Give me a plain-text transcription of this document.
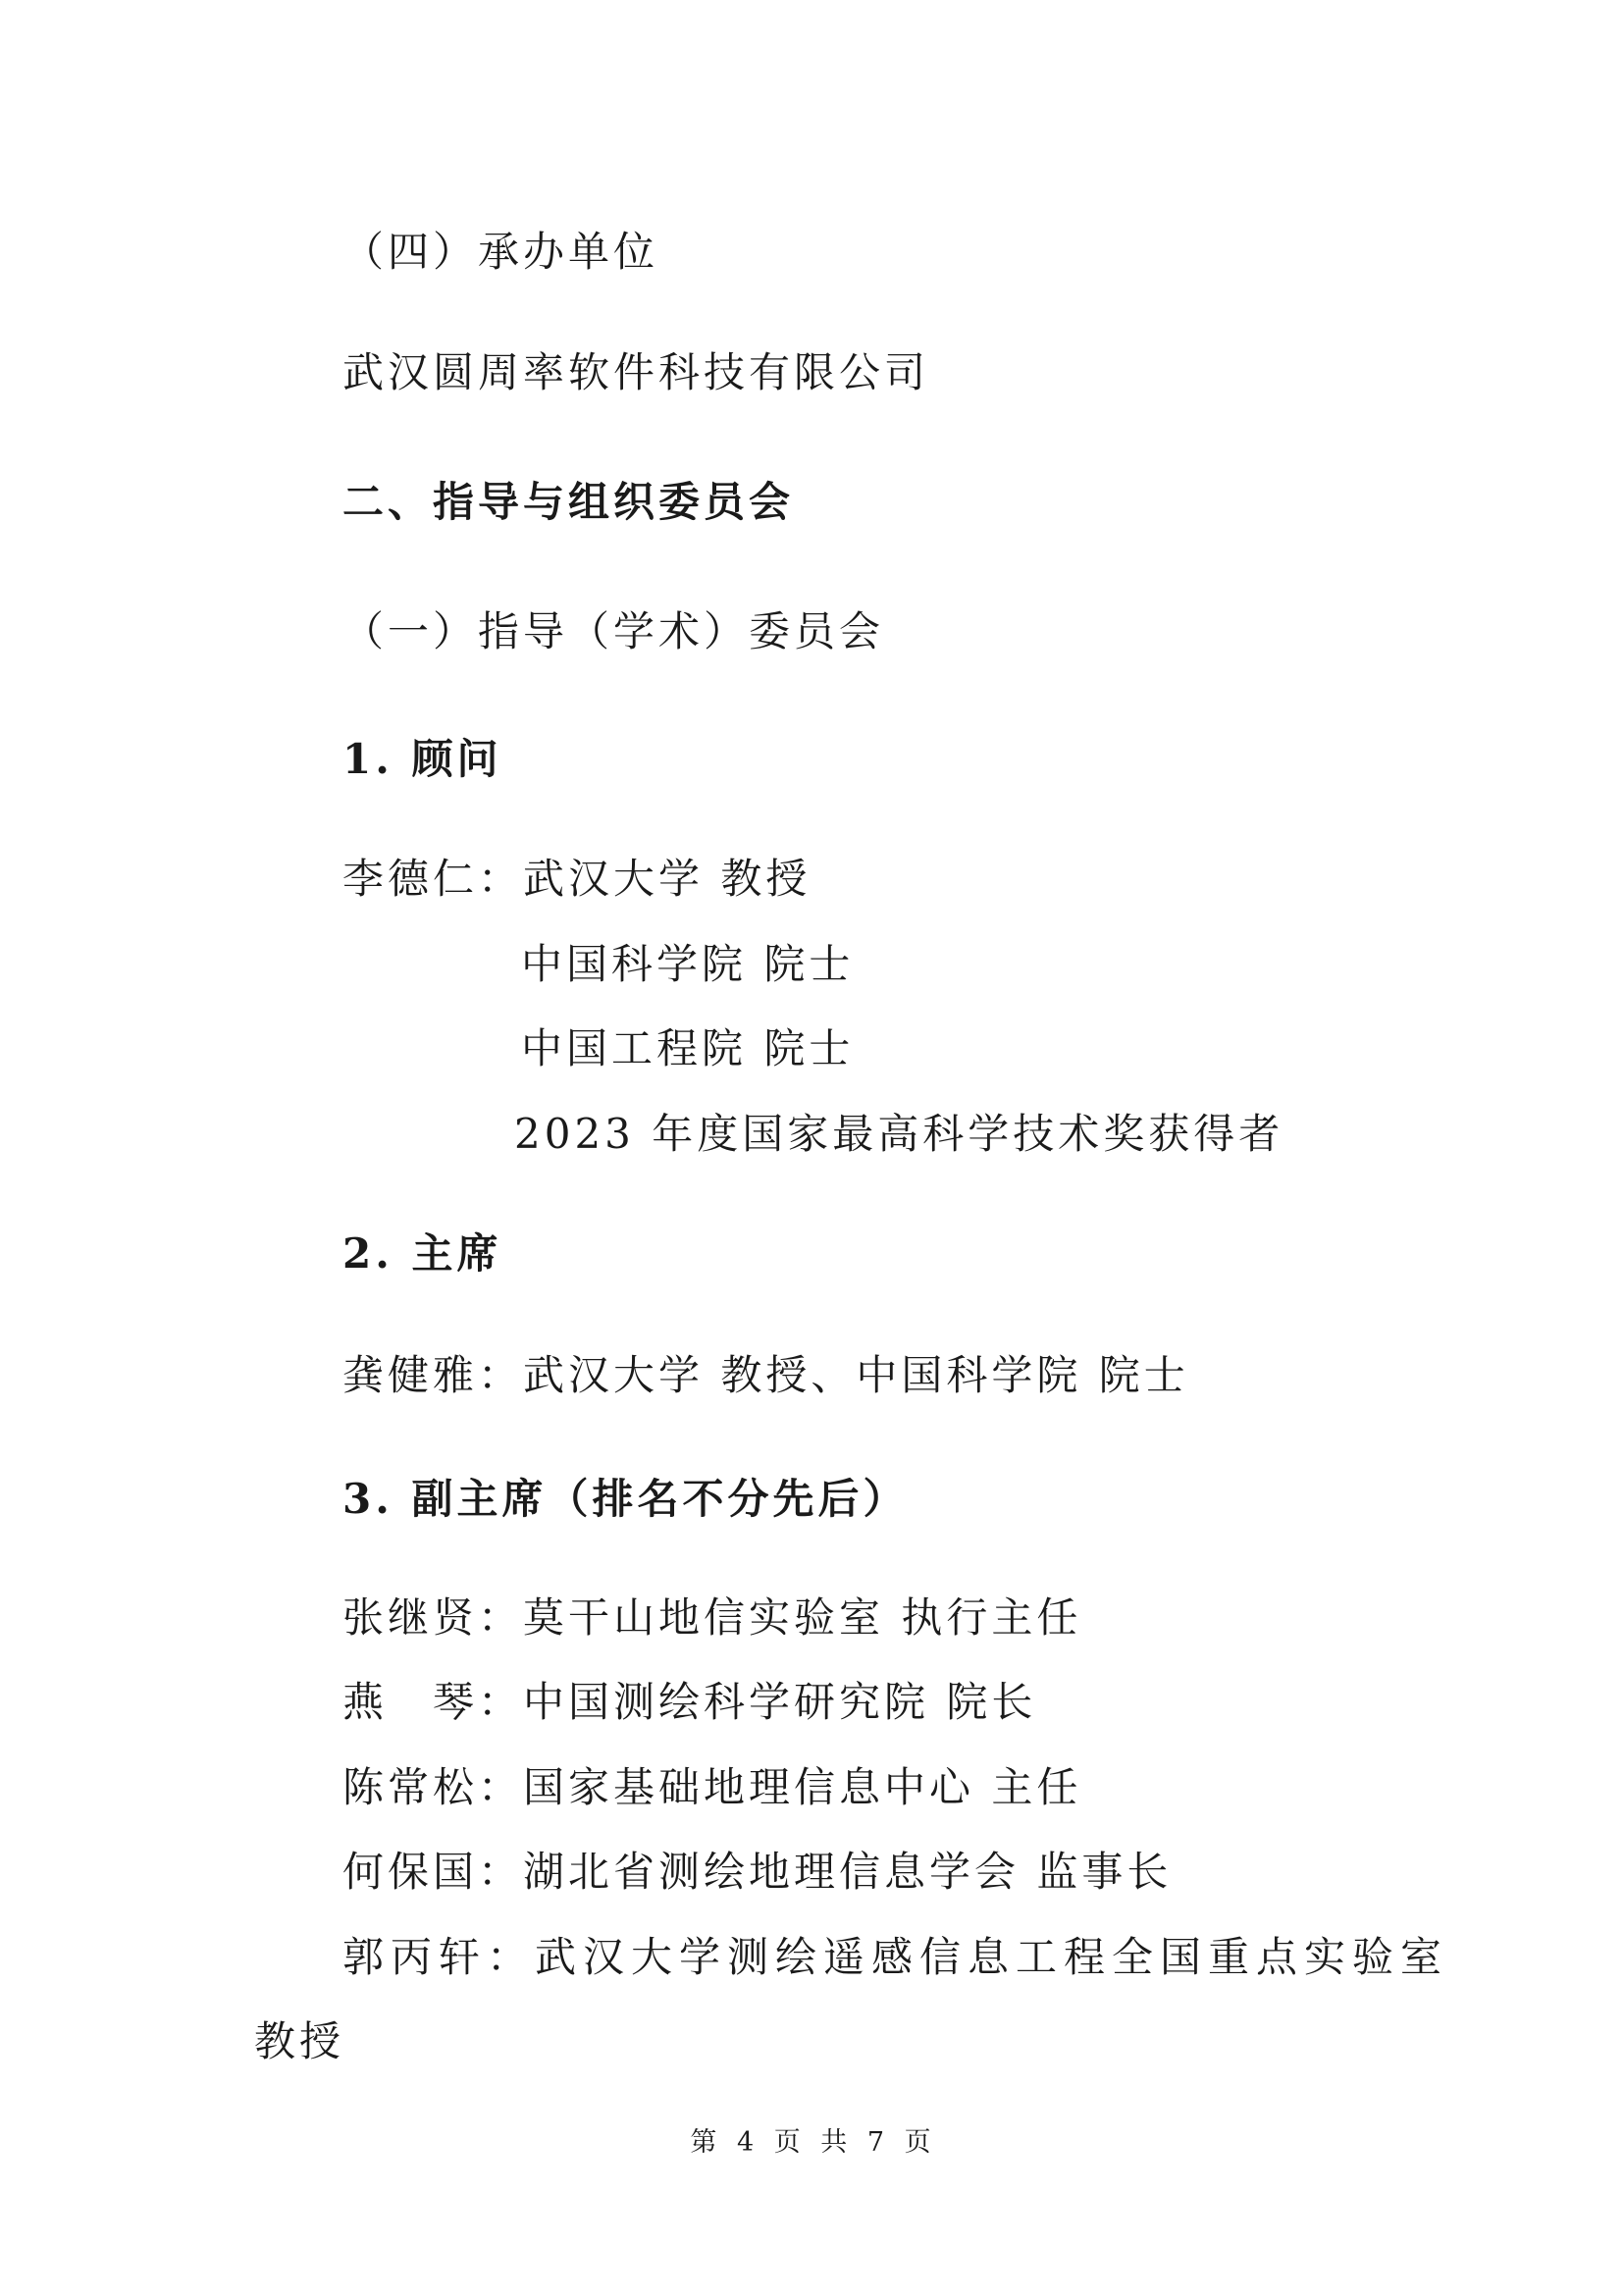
（四）承办单位
武汉圆周率软件科技有限公司
二、指导与组织委员会
（一）指导（学术）委员会
1. 顾问
李德仁：武汉大学 教授
中国科学院 院士
中国工程院 院士
2023 年度国家最高科学技术奖获得者
2. 主席
龚健雅：武汉大学 教授、中国科学院 院士
3. 副主席（排名不分先后）
张继贤：莫干山地信实验室 执行主任
燕　琴：中国测绘科学研究院 院长
陈常松：国家基础地理信息中心 主任
何保国：湖北省测绘地理信息学会 监事长
郭丙轩：武汉大学测绘遥感信息工程全国重点实验室
教授
第 4 页 共 7 页
